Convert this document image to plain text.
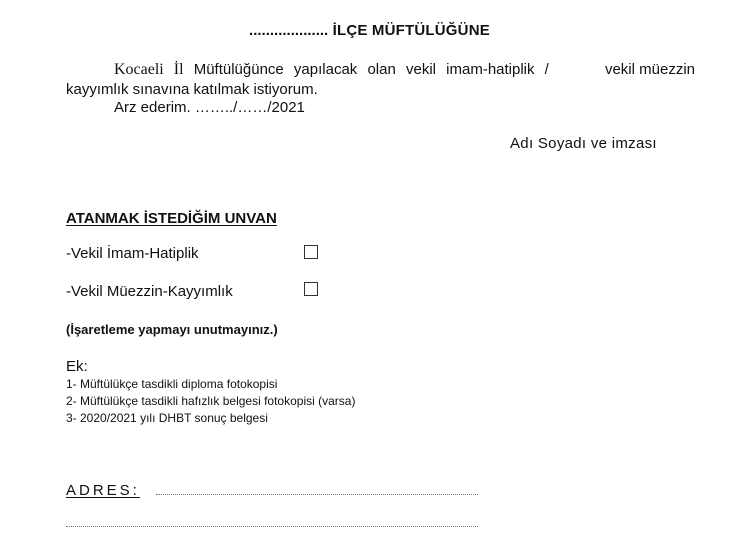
................... İLÇE MÜFTÜLÜĞÜNE
Kocaeli İl Müftülüğünce yapılacak olan vekil imam-hatiplik /	vekil müezzin
kayyımlık sınavına katılmak istiyorum.
Arz ederim. ……../……/2021
Adı Soyadı ve imzası
ATANMAK İSTEDİĞİM UNVAN
-Vekil İmam-Hatiplik
-Vekil Müezzin-Kayyımlık
(İşaretleme yapmayı unutmayınız.)
Ek:
1- Müftülükçe tasdikli diploma fotokopisi
2- Müftülükçe tasdikli hafızlık belgesi fotokopisi (varsa)
3- 2020/2021 yılı DHBT sonuç belgesi
ADRES:
